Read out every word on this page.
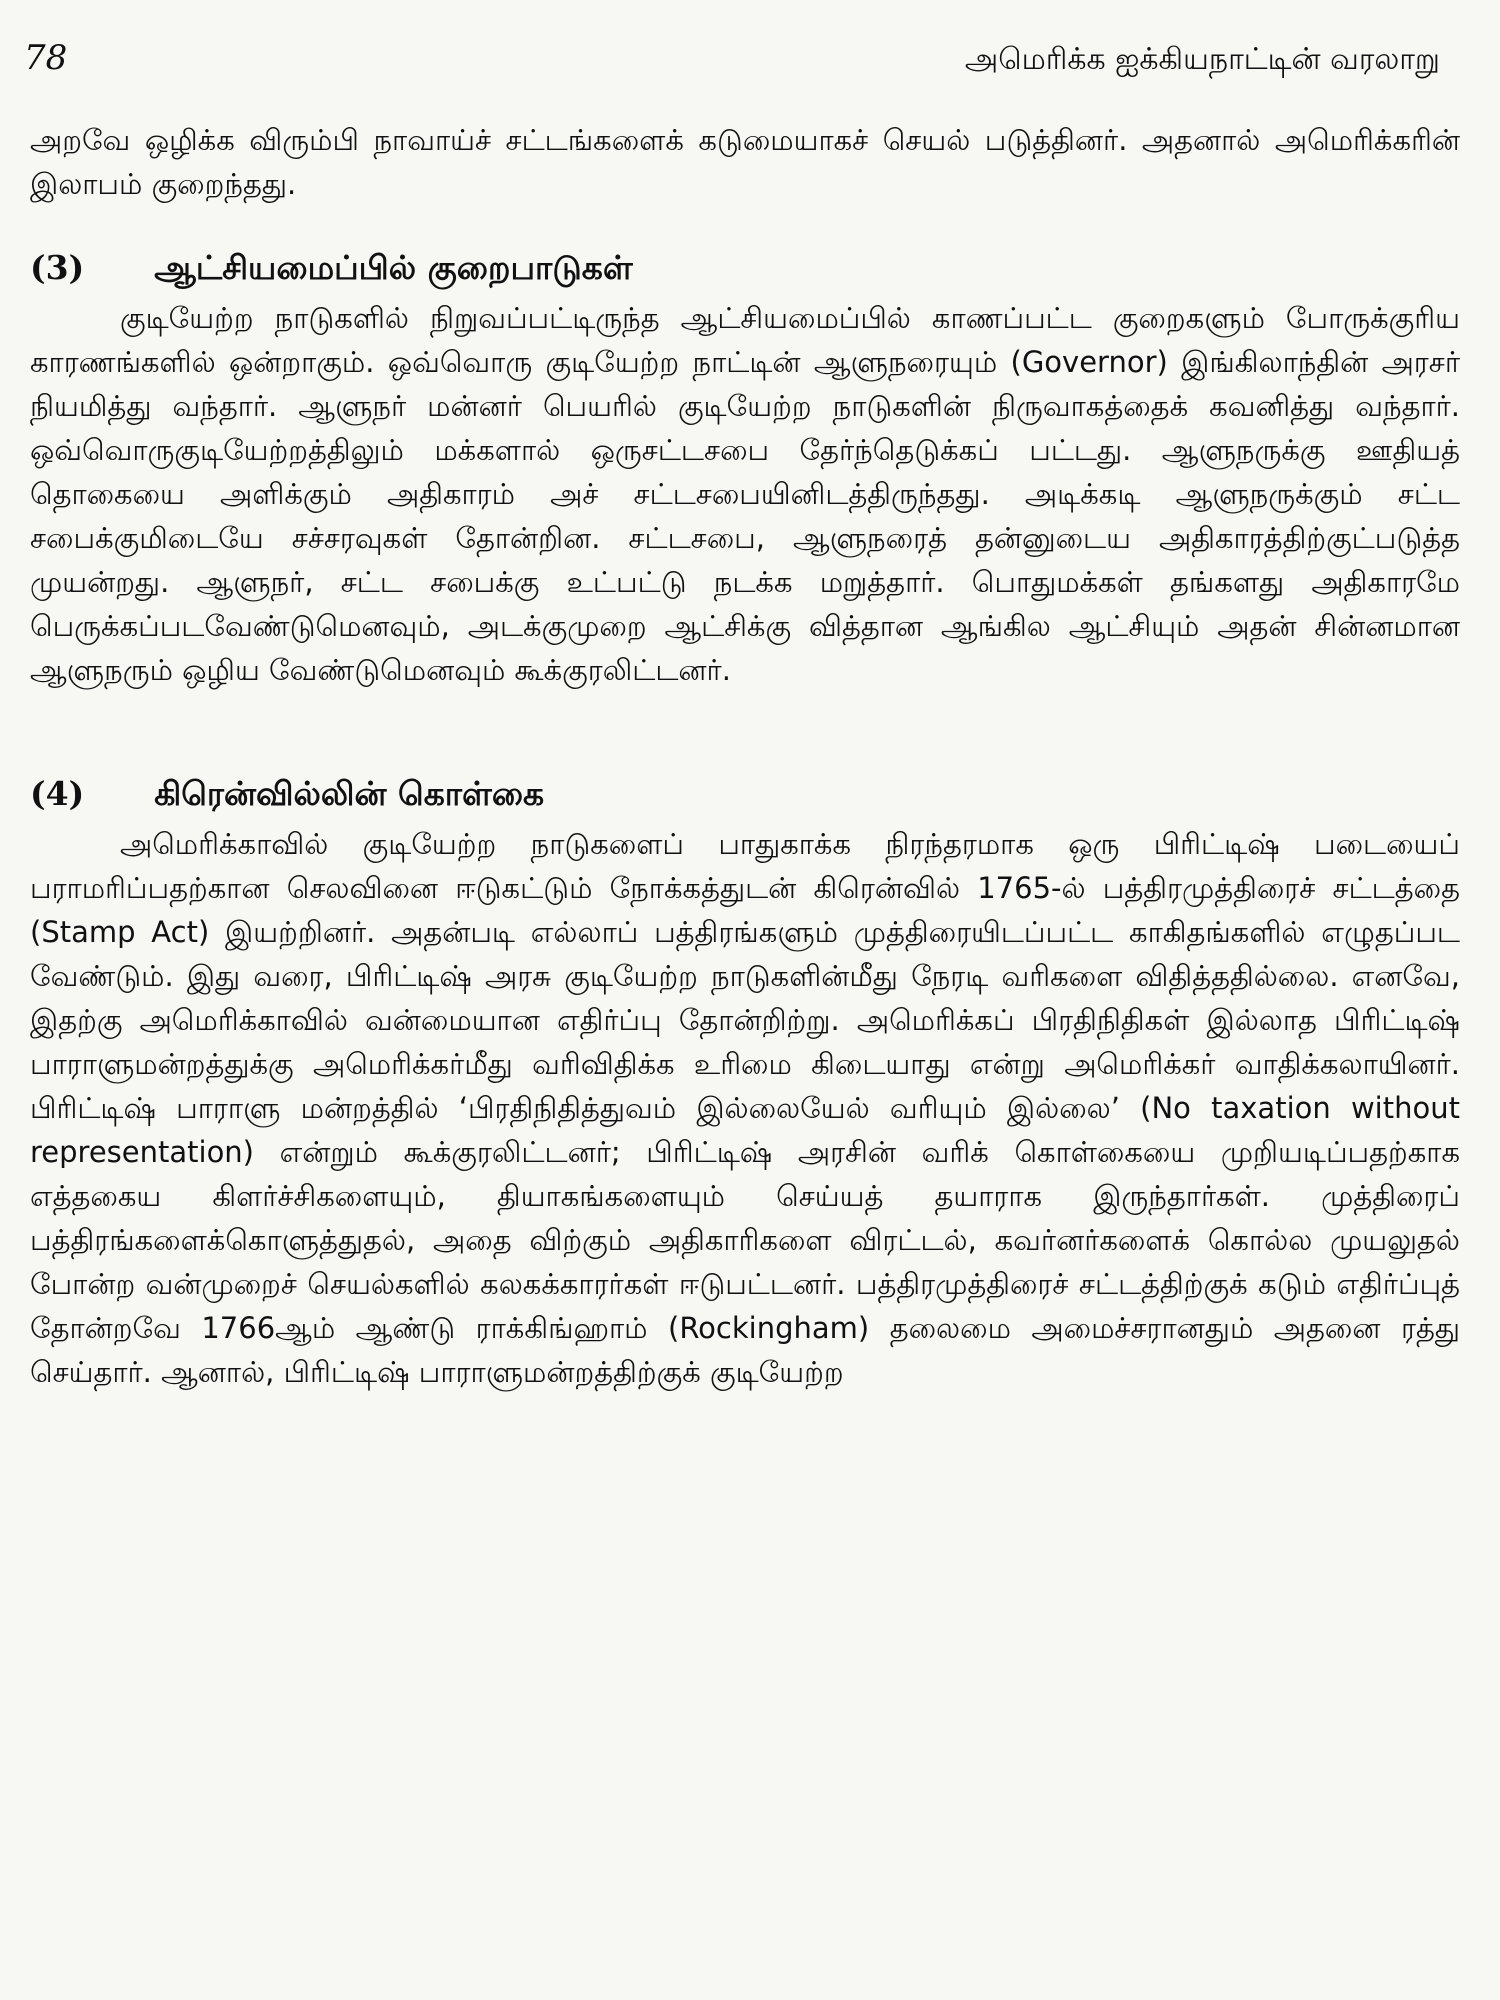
78	அமெரிக்க ஐக்கியநாட்டின் வரலாறு

அறவே ஒழிக்க விரும்பி நாவாய்ச் சட்டங்களைக் கடுமையாகச் செயல் படுத்தினர். அதனால் அமெரிக்கரின் இலாபம் குறைந்தது.

(3) ஆட்சியமைப்பில் குறைபாடுகள்

குடியேற்ற நாடுகளில் நிறுவப்பட்டிருந்த ஆட்சியமைப்பில் காணப்பட்ட குறைகளும் போருக்குரிய காரணங்களில் ஒன்றாகும். ஒவ்வொரு குடியேற்ற நாட்டின் ஆளுநரையும் (Governor) இங்கிலாந்தின் அரசர் நியமித்து வந்தார். ஆளுநர் மன்னர் பெயரில் குடியேற்ற நாடுகளின் நிருவாகத்தைக் கவனித்து வந்தார். ஒவ்வொருகுடியேற்றத்திலும் மக்களால் ஒருசட்டசபை தேர்ந்தெடுக்கப் பட்டது. ஆளுநருக்கு ஊதியத் தொகையை அளிக்கும் அதிகாரம் அச் சட்டசபையினிடத்திருந்தது. அடிக்கடி ஆளுநருக்கும் சட்ட சபைக்குமிடையே சச்சரவுகள் தோன்றின. சட்டசபை, ஆளுநரைத் தன்னுடைய அதிகாரத்திற்குட்படுத்த முயன்றது. ஆளுநர், சட்ட சபைக்கு உட்பட்டு நடக்க மறுத்தார். பொதுமக்கள் தங்களது அதிகாரமே பெருக்கப்படவேண்டுமெனவும், அடக்குமுறை ஆட்சிக்கு வித்தான ஆங்கில ஆட்சியும் அதன் சின்னமான ஆளுநரும் ஒழிய வேண்டுமெனவும் கூக்குரலிட்டனர்.

(4) கிரென்வில்லின் கொள்கை

அமெரிக்காவில் குடியேற்ற நாடுகளைப் பாதுகாக்க நிரந்தரமாக ஒரு பிரிட்டிஷ் படையைப் பராமரிப்பதற்கான செலவினை ஈடுகட்டும் நோக்கத்துடன் கிரென்வில் 1765-ல் பத்திரமுத்திரைச் சட்டத்தை (Stamp Act) இயற்றினர். அதன்படி எல்லாப் பத்திரங்களும் முத்திரையிடப்பட்ட காகிதங்களில் எழுதப்பட வேண்டும். இது வரை, பிரிட்டிஷ் அரசு குடியேற்ற நாடுகளின்மீது நேரடி வரிகளை விதித்ததில்லை. எனவே, இதற்கு அமெரிக்காவில் வன்மையான எதிர்ப்பு தோன்றிற்று. அமெரிக்கப் பிரதிநிதிகள் இல்லாத பிரிட்டிஷ் பாராளுமன்றத்துக்கு அமெரிக்கர்மீது வரிவிதிக்க உரிமை கிடையாது என்று அமெரிக்கர் வாதிக்கலாயினர். பிரிட்டிஷ் பாராளு மன்றத்தில் ‘பிரதிநிதித்துவம் இல்லையேல் வரியும் இல்லை’ (No taxation without representation) என்றும் கூக்குரலிட்டனர்; பிரிட்டிஷ் அரசின் வரிக் கொள்கையை முறியடிப்பதற்காக எத்தகைய கிளர்ச்சிகளையும், தியாகங்களையும் செய்யத் தயாராக இருந்தார்கள். முத்திரைப் பத்திரங்களைக்கொளுத்துதல், அதை விற்கும் அதிகாரிகளை விரட்டல், கவர்னர்களைக் கொல்ல முயலுதல் போன்ற வன்முறைச் செயல்களில் கலகக்காரர்கள் ஈடுபட்டனர். பத்திரமுத்திரைச் சட்டத்திற்குக் கடும் எதிர்ப்புத் தோன்றவே 1766ஆம் ஆண்டு ராக்கிங்ஹாம் (Rockingham) தலைமை அமைச்சரானதும் அதனை ரத்து செய்தார். ஆனால், பிரிட்டிஷ் பாராளுமன்றத்திற்குக் குடியேற்ற
